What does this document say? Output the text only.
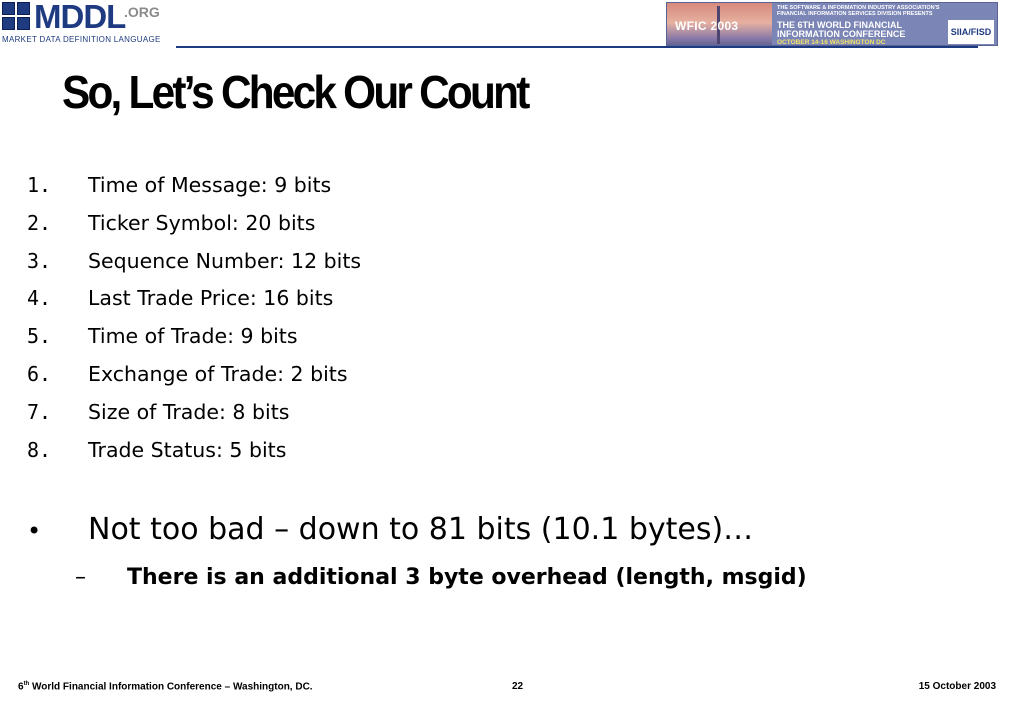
MDDL
.ORG
MARKET DATA DEFINITION LANGUAGE
WFIC 2003
THE SOFTWARE & INFORMATION INDUSTRY ASSOCIATION'S
FINANCIAL INFORMATION SERVICES DIVISION PRESENTS
THE 6TH WORLD FINANCIAL
INFORMATION CONFERENCE
OCTOBER 14-16 WASHINGTON DC
SIIA/FISD
So, Let’s Check Our Count
1. Time of Message: 9 bits
2. Ticker Symbol: 20 bits
3. Sequence Number: 12 bits
4. Last Trade Price: 16 bits
5. Time of Trade: 9 bits
6. Exchange of Trade: 2 bits
7. Size of Trade: 8 bits
8. Trade Status: 5 bits
• Not too bad – down to 81 bits (10.1 bytes)…
– There is an additional 3 byte overhead (length, msgid)
6th World Financial Information Conference – Washington, DC.	22	15 October 2003
